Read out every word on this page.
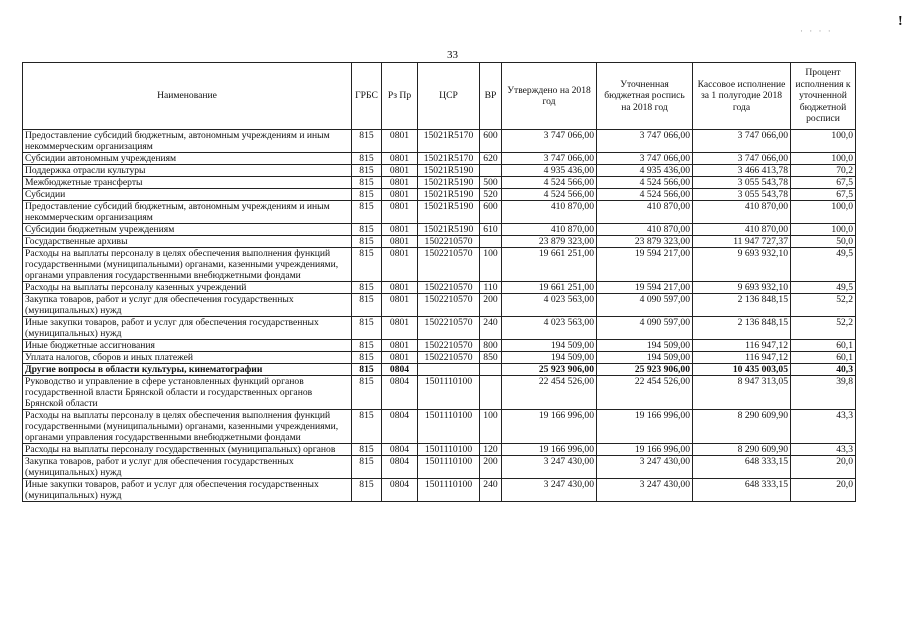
33
!
· · · ·
Наименование	ГРБС	Рз Пр	ЦСР	ВР	Утверждено на 2018 год	Уточненная бюджетная роспись на 2018 год	Кассовое исполнение за 1 полугодие 2018 года	Процент исполнения к уточненной бюджетной росписи
Предоставление субсидий бюджетным, автономным учреждениям и иным некоммерческим организациям	815	0801	15021R5170	600	3 747 066,00	3 747 066,00	3 747 066,00	100,0
Субсидии автономным учреждениям	815	0801	15021R5170	620	3 747 066,00	3 747 066,00	3 747 066,00	100,0
Поддержка отрасли культуры	815	0801	15021R5190		4 935 436,00	4 935 436,00	3 466 413,78	70,2
Межбюджетные трансферты	815	0801	15021R5190	500	4 524 566,00	4 524 566,00	3 055 543,78	67,5
Субсидии	815	0801	15021R5190	520	4 524 566,00	4 524 566,00	3 055 543,78	67,5
Предоставление субсидий бюджетным, автономным учреждениям и иным некоммерческим организациям	815	0801	15021R5190	600	410 870,00	410 870,00	410 870,00	100,0
Субсидии бюджетным учреждениям	815	0801	15021R5190	610	410 870,00	410 870,00	410 870,00	100,0
Государственные архивы	815	0801	1502210570		23 879 323,00	23 879 323,00	11 947 727,37	50,0
Расходы на выплаты персоналу в целях обеспечения выполнения функций государственными (муниципальными) органами, казенными учреждениями, органами управления государственными внебюджетными фондами	815	0801	1502210570	100	19 661 251,00	19 594 217,00	9 693 932,10	49,5
Расходы на выплаты персоналу казенных учреждений	815	0801	1502210570	110	19 661 251,00	19 594 217,00	9 693 932,10	49,5
Закупка товаров, работ и услуг для обеспечения государственных (муниципальных) нужд	815	0801	1502210570	200	4 023 563,00	4 090 597,00	2 136 848,15	52,2
Иные закупки товаров, работ и услуг для обеспечения государственных (муниципальных) нужд	815	0801	1502210570	240	4 023 563,00	4 090 597,00	2 136 848,15	52,2
Иные бюджетные ассигнования	815	0801	1502210570	800	194 509,00	194 509,00	116 947,12	60,1
Уплата налогов, сборов и иных платежей	815	0801	1502210570	850	194 509,00	194 509,00	116 947,12	60,1
Другие вопросы в области культуры, кинематографии	815	0804			25 923 906,00	25 923 906,00	10 435 003,05	40,3
Руководство и управление в сфере установленных функций органов государственной власти Брянской области и государственных органов Брянской области	815	0804	1501110100		22 454 526,00	22 454 526,00	8 947 313,05	39,8
Расходы на выплаты персоналу в целях обеспечения выполнения функций государственными (муниципальными) органами, казенными учреждениями, органами управления государственными внебюджетными фондами	815	0804	1501110100	100	19 166 996,00	19 166 996,00	8 290 609,90	43,3
Расходы на выплаты персоналу государственных (муниципальных) органов	815	0804	1501110100	120	19 166 996,00	19 166 996,00	8 290 609,90	43,3
Закупка товаров, работ и услуг для обеспечения государственных (муниципальных) нужд	815	0804	1501110100	200	3 247 430,00	3 247 430,00	648 333,15	20,0
Иные закупки товаров, работ и услуг для обеспечения государственных (муниципальных) нужд	815	0804	1501110100	240	3 247 430,00	3 247 430,00	648 333,15	20,0
